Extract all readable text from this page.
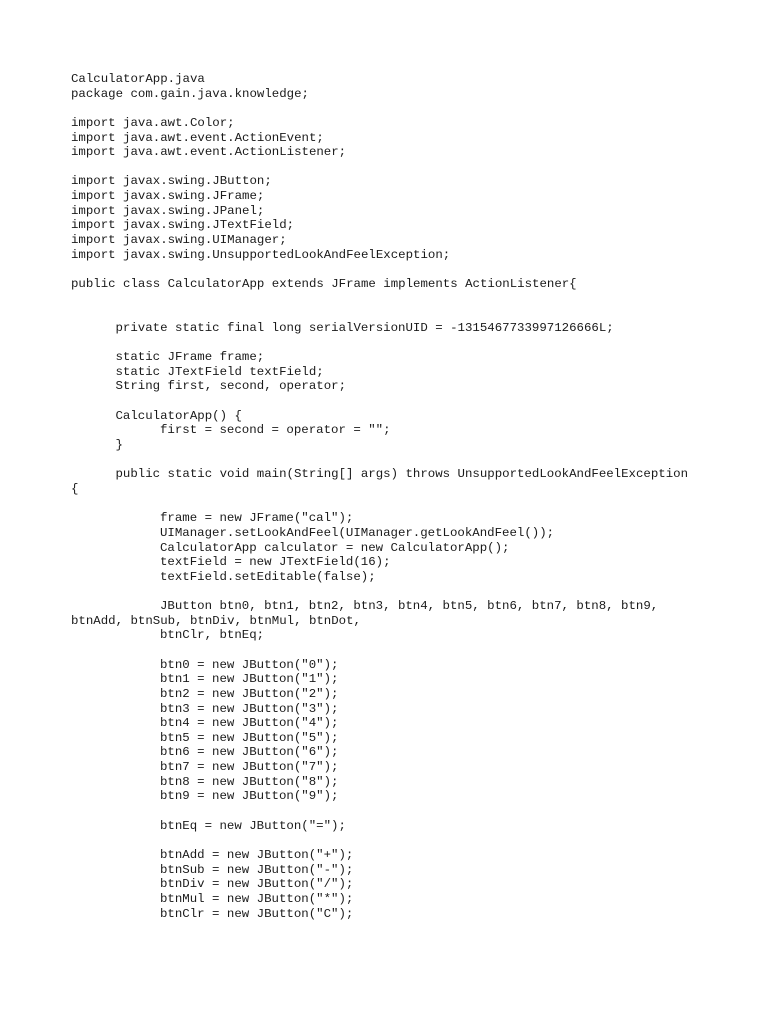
CalculatorApp.java
package com.gain.java.knowledge;
import java.awt.Color;
import java.awt.event.ActionEvent;
import java.awt.event.ActionListener;
import javax.swing.JButton;
import javax.swing.JFrame;
import javax.swing.JPanel;
import javax.swing.JTextField;
import javax.swing.UIManager;
import javax.swing.UnsupportedLookAndFeelException;
public class CalculatorApp extends JFrame implements ActionListener{
private static final long serialVersionUID = -1315467733997126666L;
static JFrame frame;
static JTextField textField;
String first, second, operator;
CalculatorApp() {
first = second = operator = "";
}
public static void main(String[] args) throws UnsupportedLookAndFeelException
{
frame = new JFrame("cal");
UIManager.setLookAndFeel(UIManager.getLookAndFeel());
CalculatorApp calculator = new CalculatorApp();
textField = new JTextField(16);
textField.setEditable(false);
JButton btn0, btn1, btn2, btn3, btn4, btn5, btn6, btn7, btn8, btn9,
btnAdd, btnSub, btnDiv, btnMul, btnDot,
btnClr, btnEq;
btn0 = new JButton("0");
btn1 = new JButton("1");
btn2 = new JButton("2");
btn3 = new JButton("3");
btn4 = new JButton("4");
btn5 = new JButton("5");
btn6 = new JButton("6");
btn7 = new JButton("7");
btn8 = new JButton("8");
btn9 = new JButton("9");
btnEq = new JButton("=");
btnAdd = new JButton("+");
btnSub = new JButton("-");
btnDiv = new JButton("/");
btnMul = new JButton("*");
btnClr = new JButton("C");
